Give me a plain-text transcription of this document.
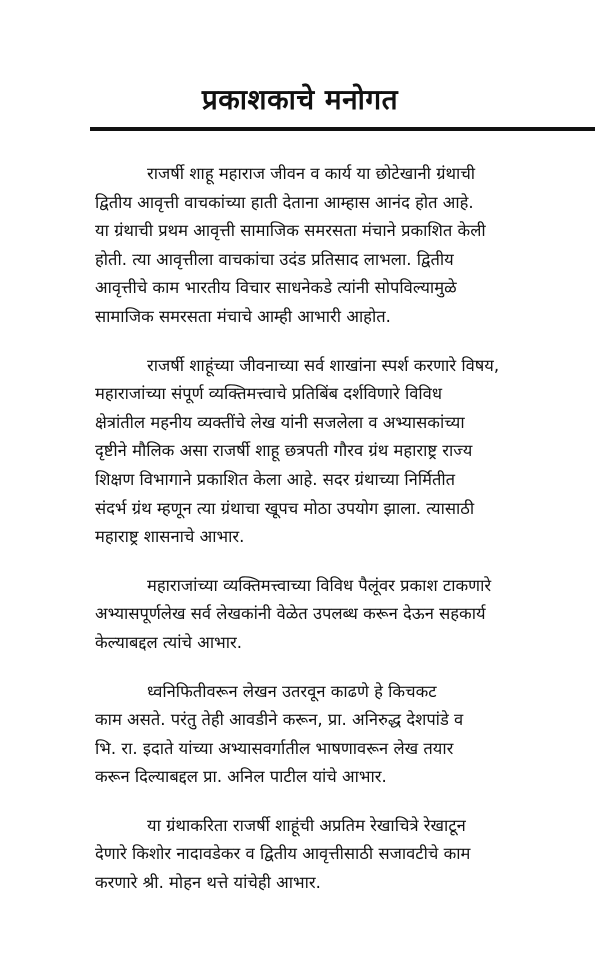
प्रकाशकाचे मनोगत

राजर्षी शाहू महाराज जीवन व कार्य या छोटेखानी ग्रंथाची
द्वितीय आवृत्ती वाचकांच्या हाती देताना आम्हास आनंद होत आहे.
या ग्रंथाची प्रथम आवृत्ती सामाजिक समरसता मंचाने प्रकाशित केली
होती. त्या आवृत्तीला वाचकांचा उदंड प्रतिसाद लाभला. द्वितीय
आवृत्तीचे काम भारतीय विचार साधनेकडे त्यांनी सोपविल्यामुळे
सामाजिक समरसता मंचाचे आम्ही आभारी आहोत.

राजर्षी शाहूंच्या जीवनाच्या सर्व शाखांना स्पर्श करणारे विषय,
महाराजांच्या संपूर्ण व्यक्तिमत्त्वाचे प्रतिबिंब दर्शविणारे विविध
क्षेत्रांतील महनीय व्यक्तींचे लेख यांनी सजलेला व अभ्यासकांच्या
दृष्टीने मौलिक असा राजर्षी शाहू छत्रपती गौरव ग्रंथ महाराष्ट्र राज्य
शिक्षण विभागाने प्रकाशित केला आहे. सदर ग्रंथाच्या निर्मितीत
संदर्भ ग्रंथ म्हणून त्या ग्रंथाचा खूपच मोठा उपयोग झाला. त्यासाठी
महाराष्ट्र शासनाचे आभार.

महाराजांच्या व्यक्तिमत्त्वाच्या विविध पैलूंवर प्रकाश टाकणारे
अभ्यासपूर्णलेख सर्व लेखकांनी वेळेत उपलब्ध करून देऊन सहकार्य
केल्याबद्दल त्यांचे आभार.

ध्वनिफितीवरून लेखन उतरवून काढणे हे किचकट
काम असते. परंतु तेही आवडीने करून, प्रा. अनिरुद्ध देशपांडे व
भि. रा. इदाते यांच्या अभ्यासवर्गातील भाषणावरून लेख तयार
करून दिल्याबद्दल प्रा. अनिल पाटील यांचे आभार.

या ग्रंथाकरिता राजर्षी शाहूंची अप्रतिम रेखाचित्रे रेखाटून
देणारे किशोर नादावडेकर व द्वितीय आवृत्तीसाठी सजावटीचे काम
करणारे श्री. मोहन थत्ते यांचेही आभार.
